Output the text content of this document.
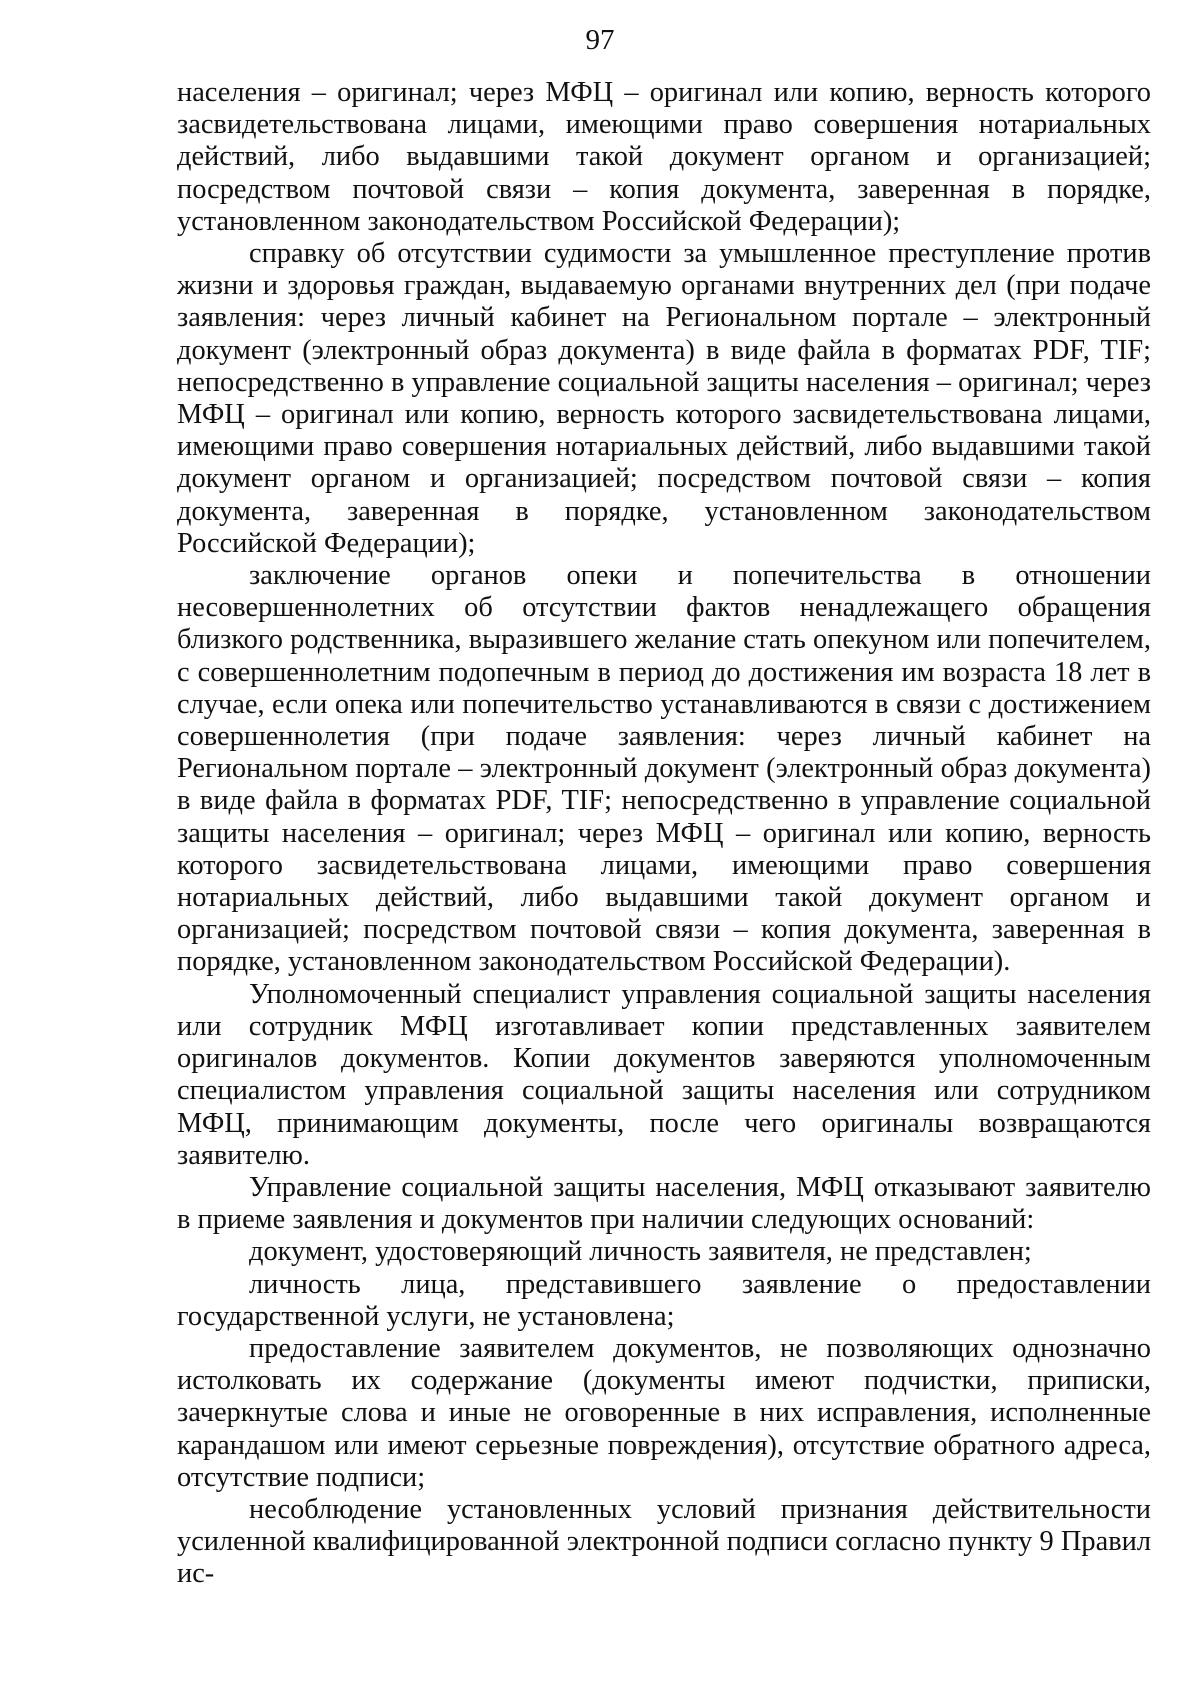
97

населения – оригинал; через МФЦ – оригинал или копию, верность которого засвидетельствована лицами, имеющими право совершения нотариальных действий, либо выдавшими такой документ органом и организацией; посредством почтовой связи – копия документа, заверенная в порядке, установленном законодательством Российской Федерации);

справку об отсутствии судимости за умышленное преступление против жизни и здоровья граждан, выдаваемую органами внутренних дел (при подаче заявления: через личный кабинет на Региональном портале – электронный документ (электронный образ документа) в виде файла в форматах PDF, TIF; непосредственно в управление социальной защиты населения – оригинал; через МФЦ – оригинал или копию, верность которого засвидетельствована лицами, имеющими право совершения нотариальных действий, либо выдавшими такой документ органом и организацией; посредством почтовой связи – копия документа, заверенная в порядке, установленном законодательством Российской Федерации);

заключение органов опеки и попечительства в отношении несовершеннолетних об отсутствии фактов ненадлежащего обращения близкого родственника, выразившего желание стать опекуном или попечителем, с совершеннолетним подопечным в период до достижения им возраста 18 лет в случае, если опека или попечительство устанавливаются в связи с достижением совершеннолетия (при подаче заявления: через личный кабинет на Региональном портале – электронный документ (электронный образ документа) в виде файла в форматах PDF, TIF; непосредственно в управление социальной защиты населения – оригинал; через МФЦ – оригинал или копию, верность которого засвидетельствована лицами, имеющими право совершения нотариальных действий, либо выдавшими такой документ органом и организацией; посредством почтовой связи – копия документа, заверенная в порядке, установленном законодательством Российской Федерации).

Уполномоченный специалист управления социальной защиты населения или сотрудник МФЦ изготавливает копии представленных заявителем оригиналов документов. Копии документов заверяются уполномоченным специалистом управления социальной защиты населения или сотрудником МФЦ, принимающим документы, после чего оригиналы возвращаются заявителю.

Управление социальной защиты населения, МФЦ отказывают заявителю в приеме заявления и документов при наличии следующих оснований:

документ, удостоверяющий личность заявителя, не представлен;

личность лица, представившего заявление о предоставлении государственной услуги, не установлена;

предоставление заявителем документов, не позволяющих однозначно истолковать их содержание (документы имеют подчистки, приписки, зачеркнутые слова и иные не оговоренные в них исправления, исполненные карандашом или имеют серьезные повреждения), отсутствие обратного адреса, отсутствие подписи;

несоблюдение установленных условий признания действительности усиленной квалифицированной электронной подписи согласно пункту 9 Правил ис-
